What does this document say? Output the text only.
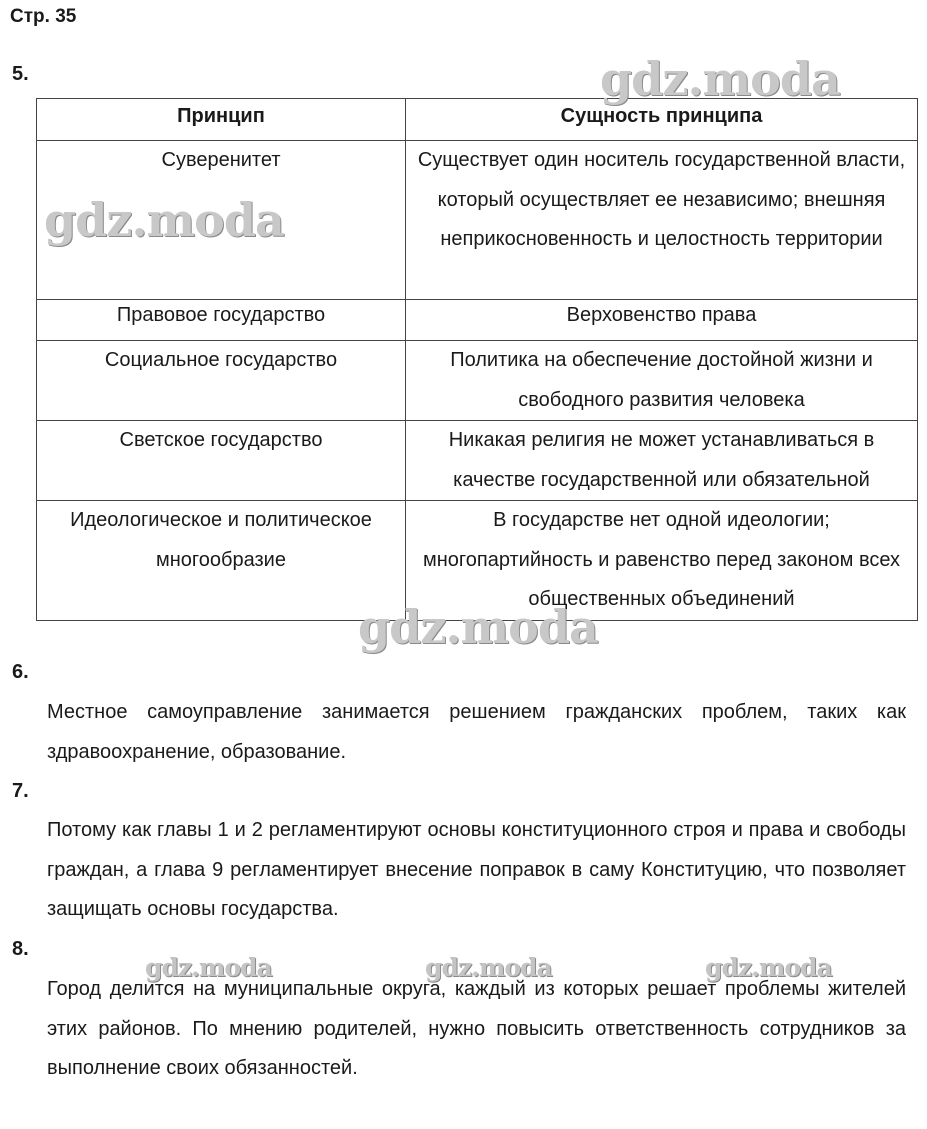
Стр. 35
5.
Принцип	Сущность принципа
Суверенитет	Существует один носитель государственной власти, который осуществляет ее независимо; внешняя неприкосновенность и целостность территории
Правовое государство	Верховенство права
Социальное государство	Политика на обеспечение достойной жизни и свободного развития человека
Светское государство	Никакая религия не может устанавливаться в качестве государственной или обязательной
Идеологическое и политическое многообразие	В государстве нет одной идеологии; многопартийность и равенство перед законом всех общественных объединений
6.

Местное самоуправление занимается решением гражданских проблем, таких как здравоохранение, образование.

7.

Потому как главы 1 и 2 регламентируют основы конституционного строя и права и свободы граждан, а глава 9 регламентирует внесение поправок в саму Конституцию, что позволяет защищать основы государства.

8.

Город делится на муниципальные округа, каждый из которых решает проблемы жителей этих районов. По мнению родителей, нужно повысить ответственность сотрудников за выполнение своих обязанностей.

gdz.moda
gdz.moda
gdz.moda
gdz.moda	gdz.moda	gdz.moda
